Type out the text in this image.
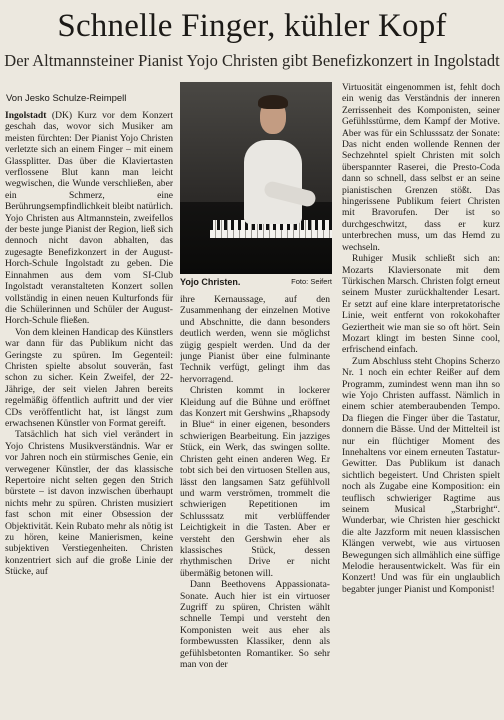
Schnelle Finger, kühler Kopf
Der Altmannsteiner Pianist Yojo Christen gibt Benefizkonzert in Ingolstadt
Von Jesko Schulze-Reimpell

Ingolstadt (DK) Kurz vor dem Konzert geschah das, wovor sich Musiker am meisten fürchten: Der Pianist Yojo Christen verletzte sich an einem Finger – mit einem Glassplitter. Das über die Klaviertasten verflossene Blut kann man leicht wegwischen, die Wunde verschließen, aber ein Schmerz, eine Berührungsempfindlichkeit bleibt natürlich. Yojo Christen aus Altmannstein, zweifellos der beste junge Pianist der Region, ließ sich dennoch nicht davon abhalten, das zugesagte Benefizkonzert in der August-Horch-Schule Ingolstadt zu geben. Die Einnahmen aus dem vom SI-Club Ingolstadt veranstalteten Konzert sollen vollständig in einen neuen Kulturfonds für die Schülerinnen und Schüler der August-Horch-Schule fließen.

Von dem kleinen Handicap des Künstlers war dann für das Publikum nicht das Geringste zu spüren. Im Gegenteil: Christen spielte absolut souverän, fast schon zu sicher. Kein Zweifel, der 22-Jährige, der seit vielen Jahren bereits regelmäßig öffentlich auftritt und der vier CDs veröffentlicht hat, ist längst zum erwachsenen Künstler von Format gereift.

Tatsächlich hat sich viel verändert in Yojo Christens Musikverständnis. War er vor Jahren noch ein stürmisches Genie, ein verwegener Künstler, der das klassische Repertoire nicht selten gegen den Strich bürstete – ist davon inzwischen überhaupt nichts mehr zu spüren. Christen musiziert fast schon mit einer Obsession der Objektivität. Kein Rubato mehr als nötig ist zu hören, keine Manierismen, keine subjektiven Verstiegenheiten. Christen konzentriert sich auf die große Linie der Stücke, auf

Yojo Christen.	Foto: Seifert

ihre Kernaussage, auf den Zusammenhang der einzelnen Motive und Abschnitte, die dann besonders deutlich werden, wenn sie möglichst zügig gespielt werden. Und da der junge Pianist über eine fulminante Technik verfügt, gelingt ihm das hervorragend.

Christen kommt in lockerer Kleidung auf die Bühne und eröffnet das Konzert mit Gershwins „Rhapsody in Blue“ in einer eigenen, besonders schwierigen Bearbeitung. Ein jazziges Stück, ein Werk, das swingen sollte. Christen geht einen anderen Weg. Er tobt sich bei den virtuosen Stellen aus, lässt den langsamen Satz gefühlvoll und warm verströmen, trommelt die schwierigen Repetitionen im Schlusssatz mit verblüffender Leichtigkeit in die Tasten. Aber er versteht den Gershwin eher als klassisches Stück, dessen rhythmischen Drive er nicht übermäßig betonen will.

Dann Beethovens Appassionata-Sonate. Auch hier ist ein virtuoser Zugriff zu spüren, Christen wählt schnelle Tempi und versteht den Komponisten weit aus eher als formbewussten Klassiker, denn als gefühlsbetonten Romantiker. So sehr man von der

Virtuosität eingenommen ist, fehlt doch ein wenig das Verständnis der inneren Zerrissenheit des Komponisten, seiner Gefühlsstürme, dem Kampf der Motive. Aber was für ein Schlusssatz der Sonate: Das nicht enden wollende Rennen der Sechzehntel spielt Christen mit solch überspannter Raserei, die Presto-Coda dann so schnell, dass selbst er an seine pianistischen Grenzen stößt. Das hingerissene Publikum feiert Christen mit Bravorufen. Der ist so durchgeschwitzt, dass er kurz unterbrechen muss, um das Hemd zu wechseln.

Ruhiger Musik schließt sich an: Mozarts Klaviersonate mit dem Türkischen Marsch. Christen folgt erneut seinem Muster zurückhaltender Lesart. Er setzt auf eine klare interpretatorische Linie, weit entfernt von rokokohafter Geziertheit wie man sie so oft hört. Sein Mozart klingt im besten Sinne cool, erfrischend einfach.

Zum Abschluss steht Chopins Scherzo Nr. 1 noch ein echter Reißer auf dem Programm, zumindest wenn man ihn so wie Yojo Christen auffasst. Nämlich in einem schier atemberaubenden Tempo. Da fliegen die Finger über die Tastatur, donnern die Bässe. Und der Mittelteil ist nur ein flüchtiger Moment des Innehaltens vor einem erneuten Tastatur-Gewitter. Das Publikum ist danach sichtlich begeistert. Und Christen spielt noch als Zugabe eine Komposition: ein teuflisch schwieriger Ragtime aus seinem Musical „Starbright“. Wunderbar, wie Christen hier geschickt die alte Jazzform mit neuen klassischen Klängen verwebt, wie aus virtuosen Bewegungen sich allmählich eine süffige Melodie herausentwickelt. Was für ein Konzert! Und was für ein unglaublich begabter junger Pianist und Komponist!
